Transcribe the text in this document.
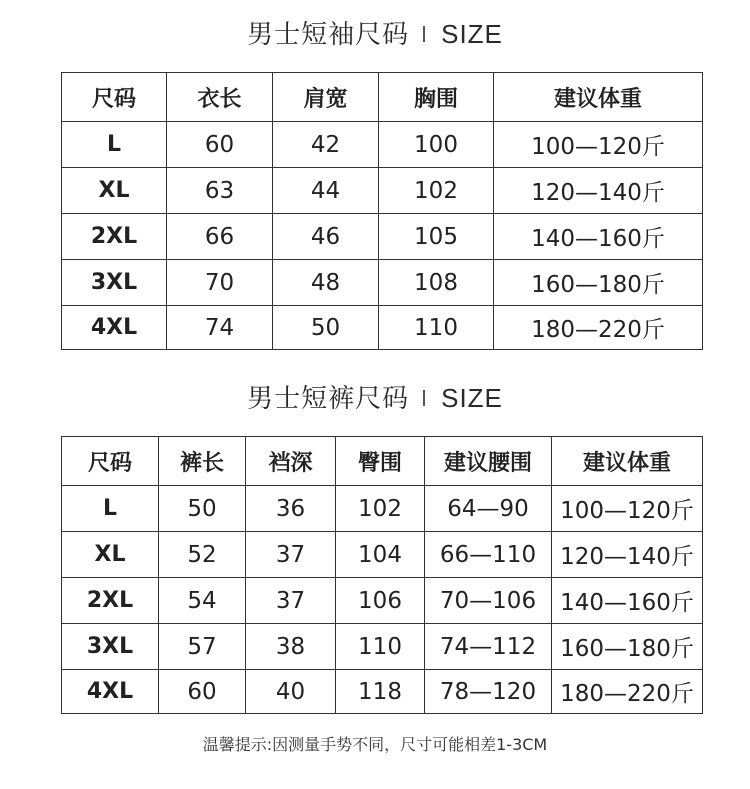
男士短袖尺码 SIZE
尺码	衣长	肩宽	胸围	建议体重
L	60	42	100	100—120斤
XL	63	44	102	120—140斤
2XL	66	46	105	140—160斤
3XL	70	48	108	160—180斤
4XL	74	50	110	180—220斤
男士短裤尺码 SIZE
尺码	裤长	裆深	臀围	建议腰围	建议体重
L	50	36	102	64—90	100—120斤
XL	52	37	104	66—110	120—140斤
2XL	54	37	106	70—106	140—160斤
3XL	57	38	110	74—112	160—180斤
4XL	60	40	118	78—120	180—220斤
温馨提示:因测量手势不同，尺寸可能相差1-3CM
